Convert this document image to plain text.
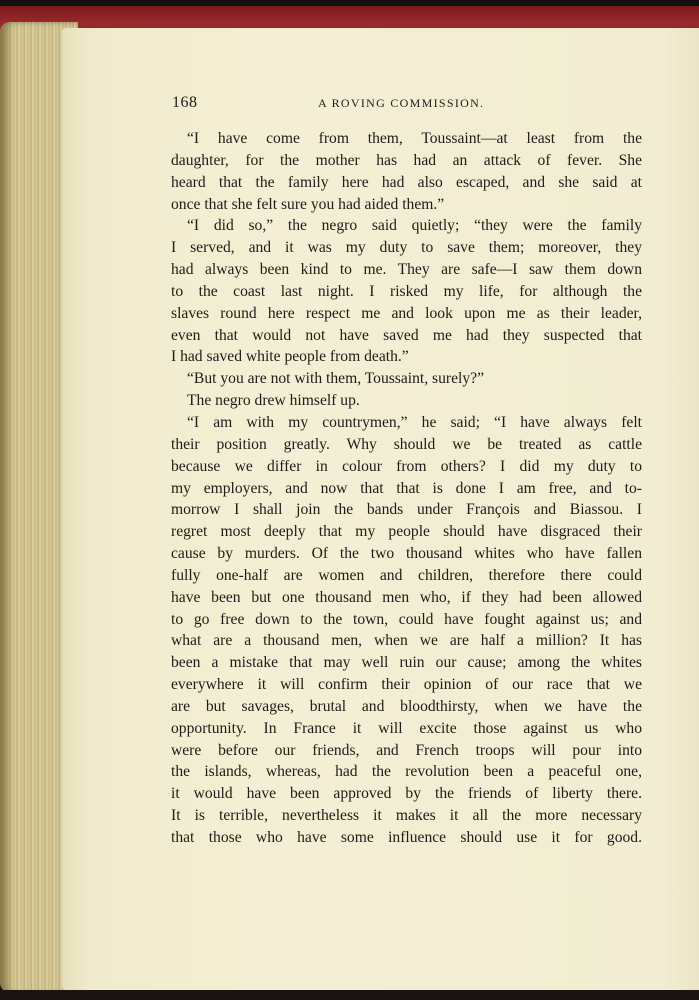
168	A ROVING COMMISSION.
“I have come from them, Toussaint—at least from the
daughter, for the mother has had an attack of fever. She
heard that the family here had also escaped, and she said at
once that she felt sure you had aided them.”
“I did so,” the negro said quietly; “they were the family
I served, and it was my duty to save them; moreover, they
had always been kind to me. They are safe—I saw them down
to the coast last night. I risked my life, for although the
slaves round here respect me and look upon me as their leader,
even that would not have saved me had they suspected that
I had saved white people from death.”
“But you are not with them, Toussaint, surely?”
The negro drew himself up.
“I am with my countrymen,” he said; “I have always felt
their position greatly. Why should we be treated as cattle
because we differ in colour from others? I did my duty to
my employers, and now that that is done I am free, and to-
morrow I shall join the bands under François and Biassou. I
regret most deeply that my people should have disgraced their
cause by murders. Of the two thousand whites who have fallen
fully one-half are women and children, therefore there could
have been but one thousand men who, if they had been allowed
to go free down to the town, could have fought against us; and
what are a thousand men, when we are half a million? It has
been a mistake that may well ruin our cause; among the whites
everywhere it will confirm their opinion of our race that we
are but savages, brutal and bloodthirsty, when we have the
opportunity. In France it will excite those against us who
were before our friends, and French troops will pour into
the islands, whereas, had the revolution been a peaceful one,
it would have been approved by the friends of liberty there.
It is terrible, nevertheless it makes it all the more necessary
that those who have some influence should use it for good.
